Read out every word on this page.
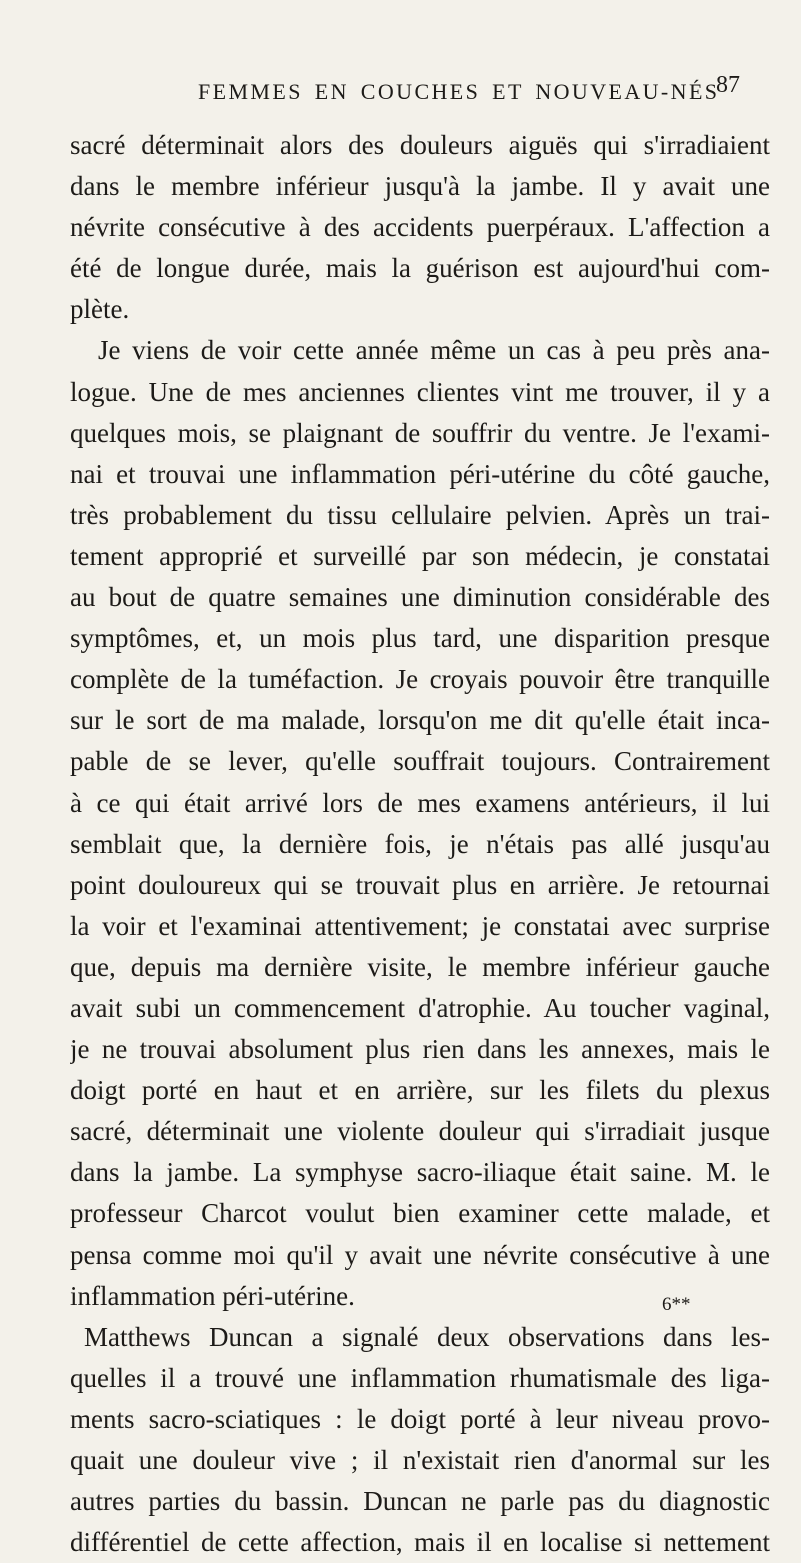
FEMMES EN COUCHES ET NOUVEAU-NÉS
87
sacré déterminait alors des douleurs aiguës qui s'irradiaient
dans le membre inférieur jusqu'à la jambe. Il y avait une
névrite consécutive à des accidents puerpéraux. L'affection a
été de longue durée, mais la guérison est aujourd'hui com-
plète.
Je viens de voir cette année même un cas à peu près ana-
logue. Une de mes anciennes clientes vint me trouver, il y a
quelques mois, se plaignant de souffrir du ventre. Je l'exami-
nai et trouvai une inflammation péri-utérine du côté gauche,
très probablement du tissu cellulaire pelvien. Après un trai-
tement approprié et surveillé par son médecin, je constatai
au bout de quatre semaines une diminution considérable des
symptômes, et, un mois plus tard, une disparition presque
complète de la tuméfaction. Je croyais pouvoir être tranquille
sur le sort de ma malade, lorsqu'on me dit qu'elle était inca-
pable de se lever, qu'elle souffrait toujours. Contrairement
à ce qui était arrivé lors de mes examens antérieurs, il lui
semblait que, la dernière fois, je n'étais pas allé jusqu'au
point douloureux qui se trouvait plus en arrière. Je retournai
la voir et l'examinai attentivement; je constatai avec surprise
que, depuis ma dernière visite, le membre inférieur gauche
avait subi un commencement d'atrophie. Au toucher vaginal,
je ne trouvai absolument plus rien dans les annexes, mais le
doigt porté en haut et en arrière, sur les filets du plexus
sacré, déterminait une violente douleur qui s'irradiait jusque
dans la jambe. La symphyse sacro-iliaque était saine. M. le
professeur Charcot voulut bien examiner cette malade, et
pensa comme moi qu'il y avait une névrite consécutive à une
inflammation péri-utérine.
Matthews Duncan a signalé deux observations dans les-
quelles il a trouvé une inflammation rhumatismale des liga-
ments sacro-sciatiques : le doigt porté à leur niveau provo-
quait une douleur vive ; il n'existait rien d'anormal sur les
autres parties du bassin. Duncan ne parle pas du diagnostic
différentiel de cette affection, mais il en localise si nettement
6**
